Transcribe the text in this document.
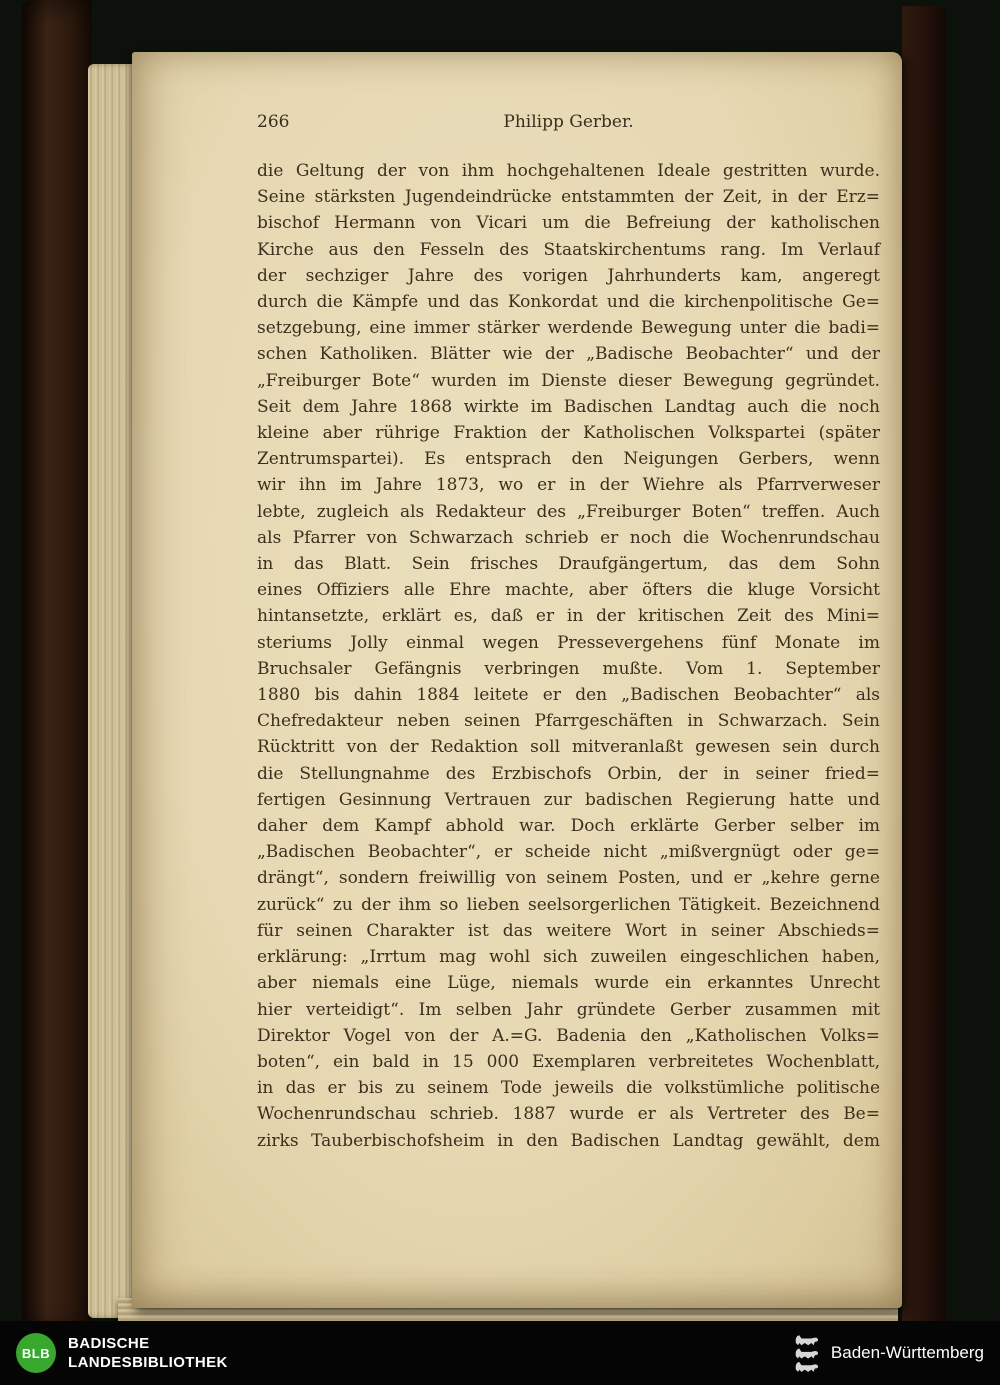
266	Philipp Gerber.
die Geltung der von ihm hochgehaltenen Ideale gestritten wurde.
Seine stärksten Jugendeindrücke entstammten der Zeit, in der Erz=
bischof Hermann von Vicari um die Befreiung der katholischen
Kirche aus den Fesseln des Staatskirchentums rang. Im Verlauf
der sechziger Jahre des vorigen Jahrhunderts kam, angeregt
durch die Kämpfe und das Konkordat und die kirchenpolitische Ge=
setzgebung, eine immer stärker werdende Bewegung unter die badi=
schen Katholiken. Blätter wie der „Badische Beobachter“ und der
„Freiburger Bote“ wurden im Dienste dieser Bewegung gegründet.
Seit dem Jahre 1868 wirkte im Badischen Landtag auch die noch
kleine aber rührige Fraktion der Katholischen Volkspartei (später
Zentrumspartei). Es entsprach den Neigungen Gerbers, wenn
wir ihn im Jahre 1873, wo er in der Wiehre als Pfarrverweser
lebte, zugleich als Redakteur des „Freiburger Boten“ treffen. Auch
als Pfarrer von Schwarzach schrieb er noch die Wochenrundschau
in das Blatt. Sein frisches Draufgängertum, das dem Sohn
eines Offiziers alle Ehre machte, aber öfters die kluge Vorsicht
hintansetzte, erklärt es, daß er in der kritischen Zeit des Mini=
steriums Jolly einmal wegen Pressevergehens fünf Monate im
Bruchsaler Gefängnis verbringen mußte. Vom 1. September
1880 bis dahin 1884 leitete er den „Badischen Beobachter“ als
Chefredakteur neben seinen Pfarrgeschäften in Schwarzach. Sein
Rücktritt von der Redaktion soll mitveranlaßt gewesen sein durch
die Stellungnahme des Erzbischofs Orbin, der in seiner fried=
fertigen Gesinnung Vertrauen zur badischen Regierung hatte und
daher dem Kampf abhold war. Doch erklärte Gerber selber im
„Badischen Beobachter“, er scheide nicht „mißvergnügt oder ge=
drängt“, sondern freiwillig von seinem Posten, und er „kehre gerne
zurück“ zu der ihm so lieben seelsorgerlichen Tätigkeit. Bezeichnend
für seinen Charakter ist das weitere Wort in seiner Abschieds=
erklärung: „Irrtum mag wohl sich zuweilen eingeschlichen haben,
aber niemals eine Lüge, niemals wurde ein erkanntes Unrecht
hier verteidigt“. Im selben Jahr gründete Gerber zusammen mit
Direktor Vogel von der A.=G. Badenia den „Katholischen Volks=
boten“, ein bald in 15 000 Exemplaren verbreitetes Wochenblatt,
in das er bis zu seinem Tode jeweils die volkstümliche politische
Wochenrundschau schrieb. 1887 wurde er als Vertreter des Be=
zirks Tauberbischofsheim in den Badischen Landtag gewählt, dem
BLB
BADISCHE
LANDESBIBLIOTHEK
Baden-Württemberg
